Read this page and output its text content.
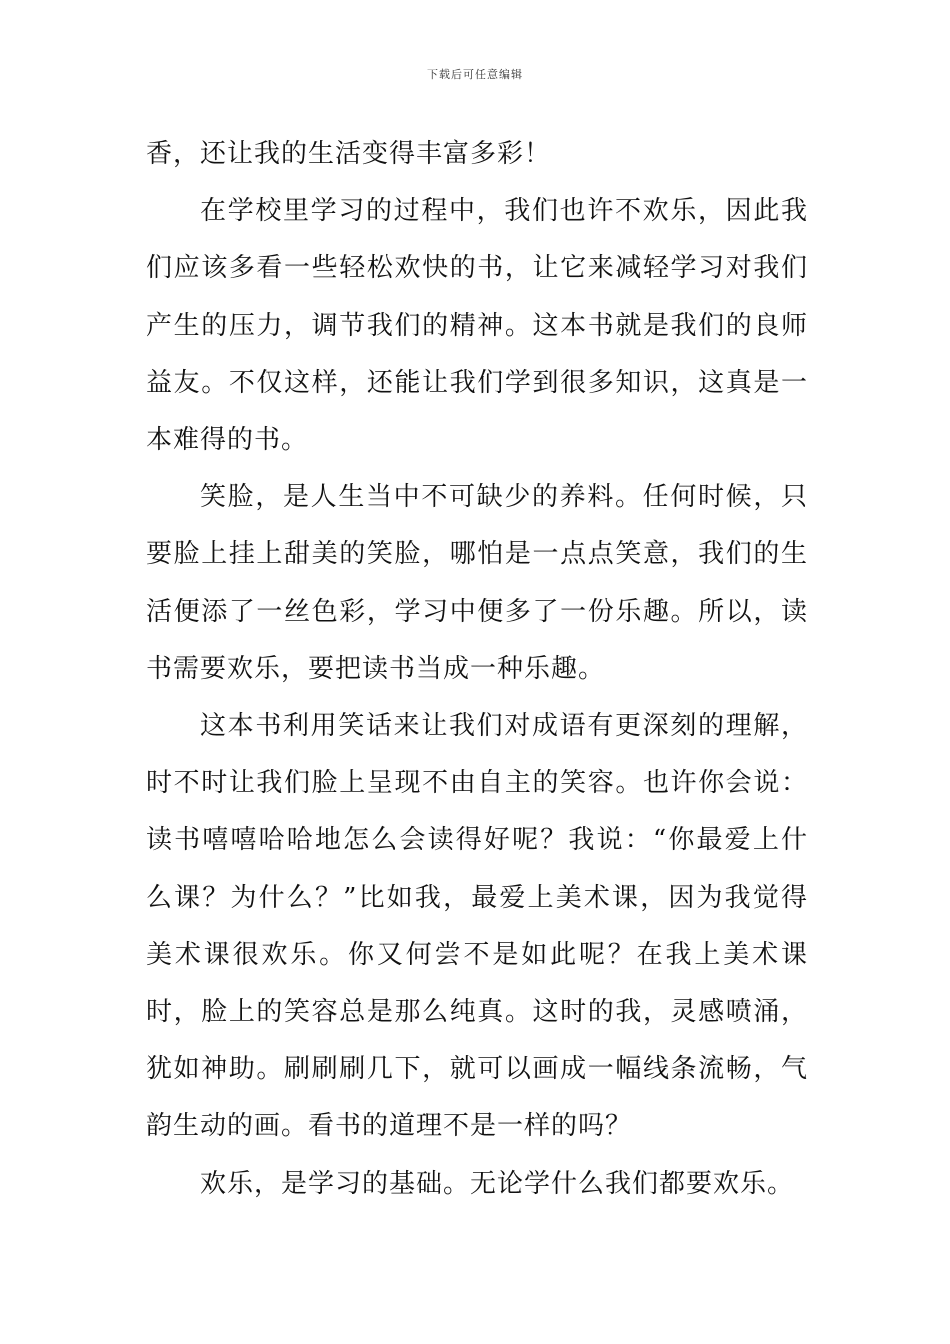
下载后可任意编辑

香，还让我的生活变得丰富多彩！

在学校里学习的过程中，我们也许不欢乐，因此我们应该多看一些轻松欢快的书，让它来减轻学习对我们产生的压力，调节我们的精神。这本书就是我们的良师益友。不仅这样，还能让我们学到很多知识，这真是一本难得的书。

笑脸，是人生当中不可缺少的养料。任何时候，只要脸上挂上甜美的笑脸，哪怕是一点点笑意，我们的生活便添了一丝色彩，学习中便多了一份乐趣。所以，读书需要欢乐，要把读书当成一种乐趣。

这本书利用笑话来让我们对成语有更深刻的理解，时不时让我们脸上呈现不由自主的笑容。也许你会说：读书嘻嘻哈哈地怎么会读得好呢？我说：“你最爱上什么课？为什么？”比如我，最爱上美术课，因为我觉得美术课很欢乐。你又何尝不是如此呢？在我上美术课时，脸上的笑容总是那么纯真。这时的我，灵感喷涌，犹如神助。刷刷刷几下，就可以画成一幅线条流畅，气韵生动的画。看书的道理不是一样的吗？

欢乐，是学习的基础。无论学什么我们都要欢乐。
